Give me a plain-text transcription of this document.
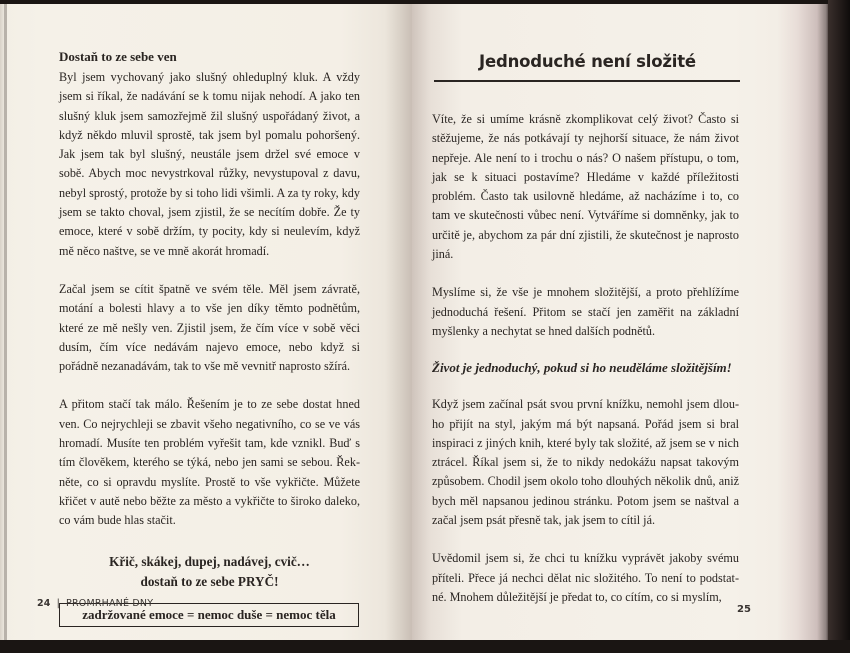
Dostaň to ze sebe ven

Byl jsem vychovaný jako slušný ohleduplný kluk. A vždy jsem si říkal, že nadávání se k tomu nijak nehodí. A jako ten slušný kluk jsem samozřejmě žil slušný uspořádaný život, a když někdo mluvil sprostě, tak jsem byl pomalu pohoršený. Jak jsem tak byl slušný, neustále jsem držel své emoce v sobě. Abych moc nevystrkoval růžky, nevystupoval z davu, nebyl sprostý, protože by si toho lidi všimli. A za ty roky, kdy jsem se takto choval, jsem zjistil, že se necítím dobře. Že ty emoce, které v sobě držím, ty pocity, kdy si neulevím, když mě něco naštve, se ve mně akorát hromadí.

Začal jsem se cítit špatně ve svém těle. Měl jsem závratě, motání a bolesti hlavy a to vše jen díky těmto podnětům, které ze mě nešly ven. Zjistil jsem, že čím více v sobě věci dusím, čím více nedávám najevo emoce, nebo když si pořádně nezanadávám, tak to vše mě vevnitř naprosto sžírá.

A přitom stačí tak málo. Řešením je to ze sebe dostat hned ven. Co nejrychleji se zbavit všeho negativního, co se ve vás hromadí. Musíte ten problém vyřešit tam, kde vznikl. Buď s tím člověkem, kterého se týká, nebo jen sami se sebou. Řekněte, co si opravdu myslíte. Prostě to vše vykřičte. Můžete křičet v autě nebo běžte za město a vykřičte to široko daleko, co vám bude hlas stačit.

Křič, skákej, dupej, nadávej, cvič…
dostaň to ze sebe PRYČ!
zadržované emoce = nemoc duše = nemoc těla
24 | PROMRHANÉ DNY
Jednoduché není složité

Víte, že si umíme krásně zkomplikovat celý život? Často si stěžujeme, že nás potkávají ty nejhorší situace, že nám život nepřeje. Ale není to i trochu o nás? O našem přístupu, o tom, jak se k situaci postavíme? Hledáme v každé příležitosti problém. Často tak usilovně hledáme, až nacházíme i to, co tam ve skutečnosti vůbec není. Vytváříme si domněnky, jak to určitě je, abychom za pár dní zjistili, že skutečnost je naprosto jiná.

Myslíme si, že vše je mnohem složitější, a proto přehlížíme jednoduchá řešení. Přitom se stačí jen zaměřit na základní myšlenky a nechytat se hned dalších podnětů.

Život je jednoduchý, pokud si ho neuděláme složitějším!

Když jsem začínal psát svou první knížku, nemohl jsem dlouho přijít na styl, jakým má být napsaná. Pořád jsem si bral inspiraci z jiných knih, které byly tak složité, až jsem se v nich ztrácel. Říkal jsem si, že to nikdy nedokážu napsat takovým způsobem. Chodil jsem okolo toho dlouhých několik dnů, aniž bych měl napsanou jedinou stránku. Potom jsem se naštval a začal jsem psát přesně tak, jak jsem to cítil já.

Uvědomil jsem si, že chci tu knížku vyprávět jakoby svému příteli. Přece já nechci dělat nic složitého. To není to podstatné. Mnohem důležitější je předat to, co cítím, co si myslím,

25
